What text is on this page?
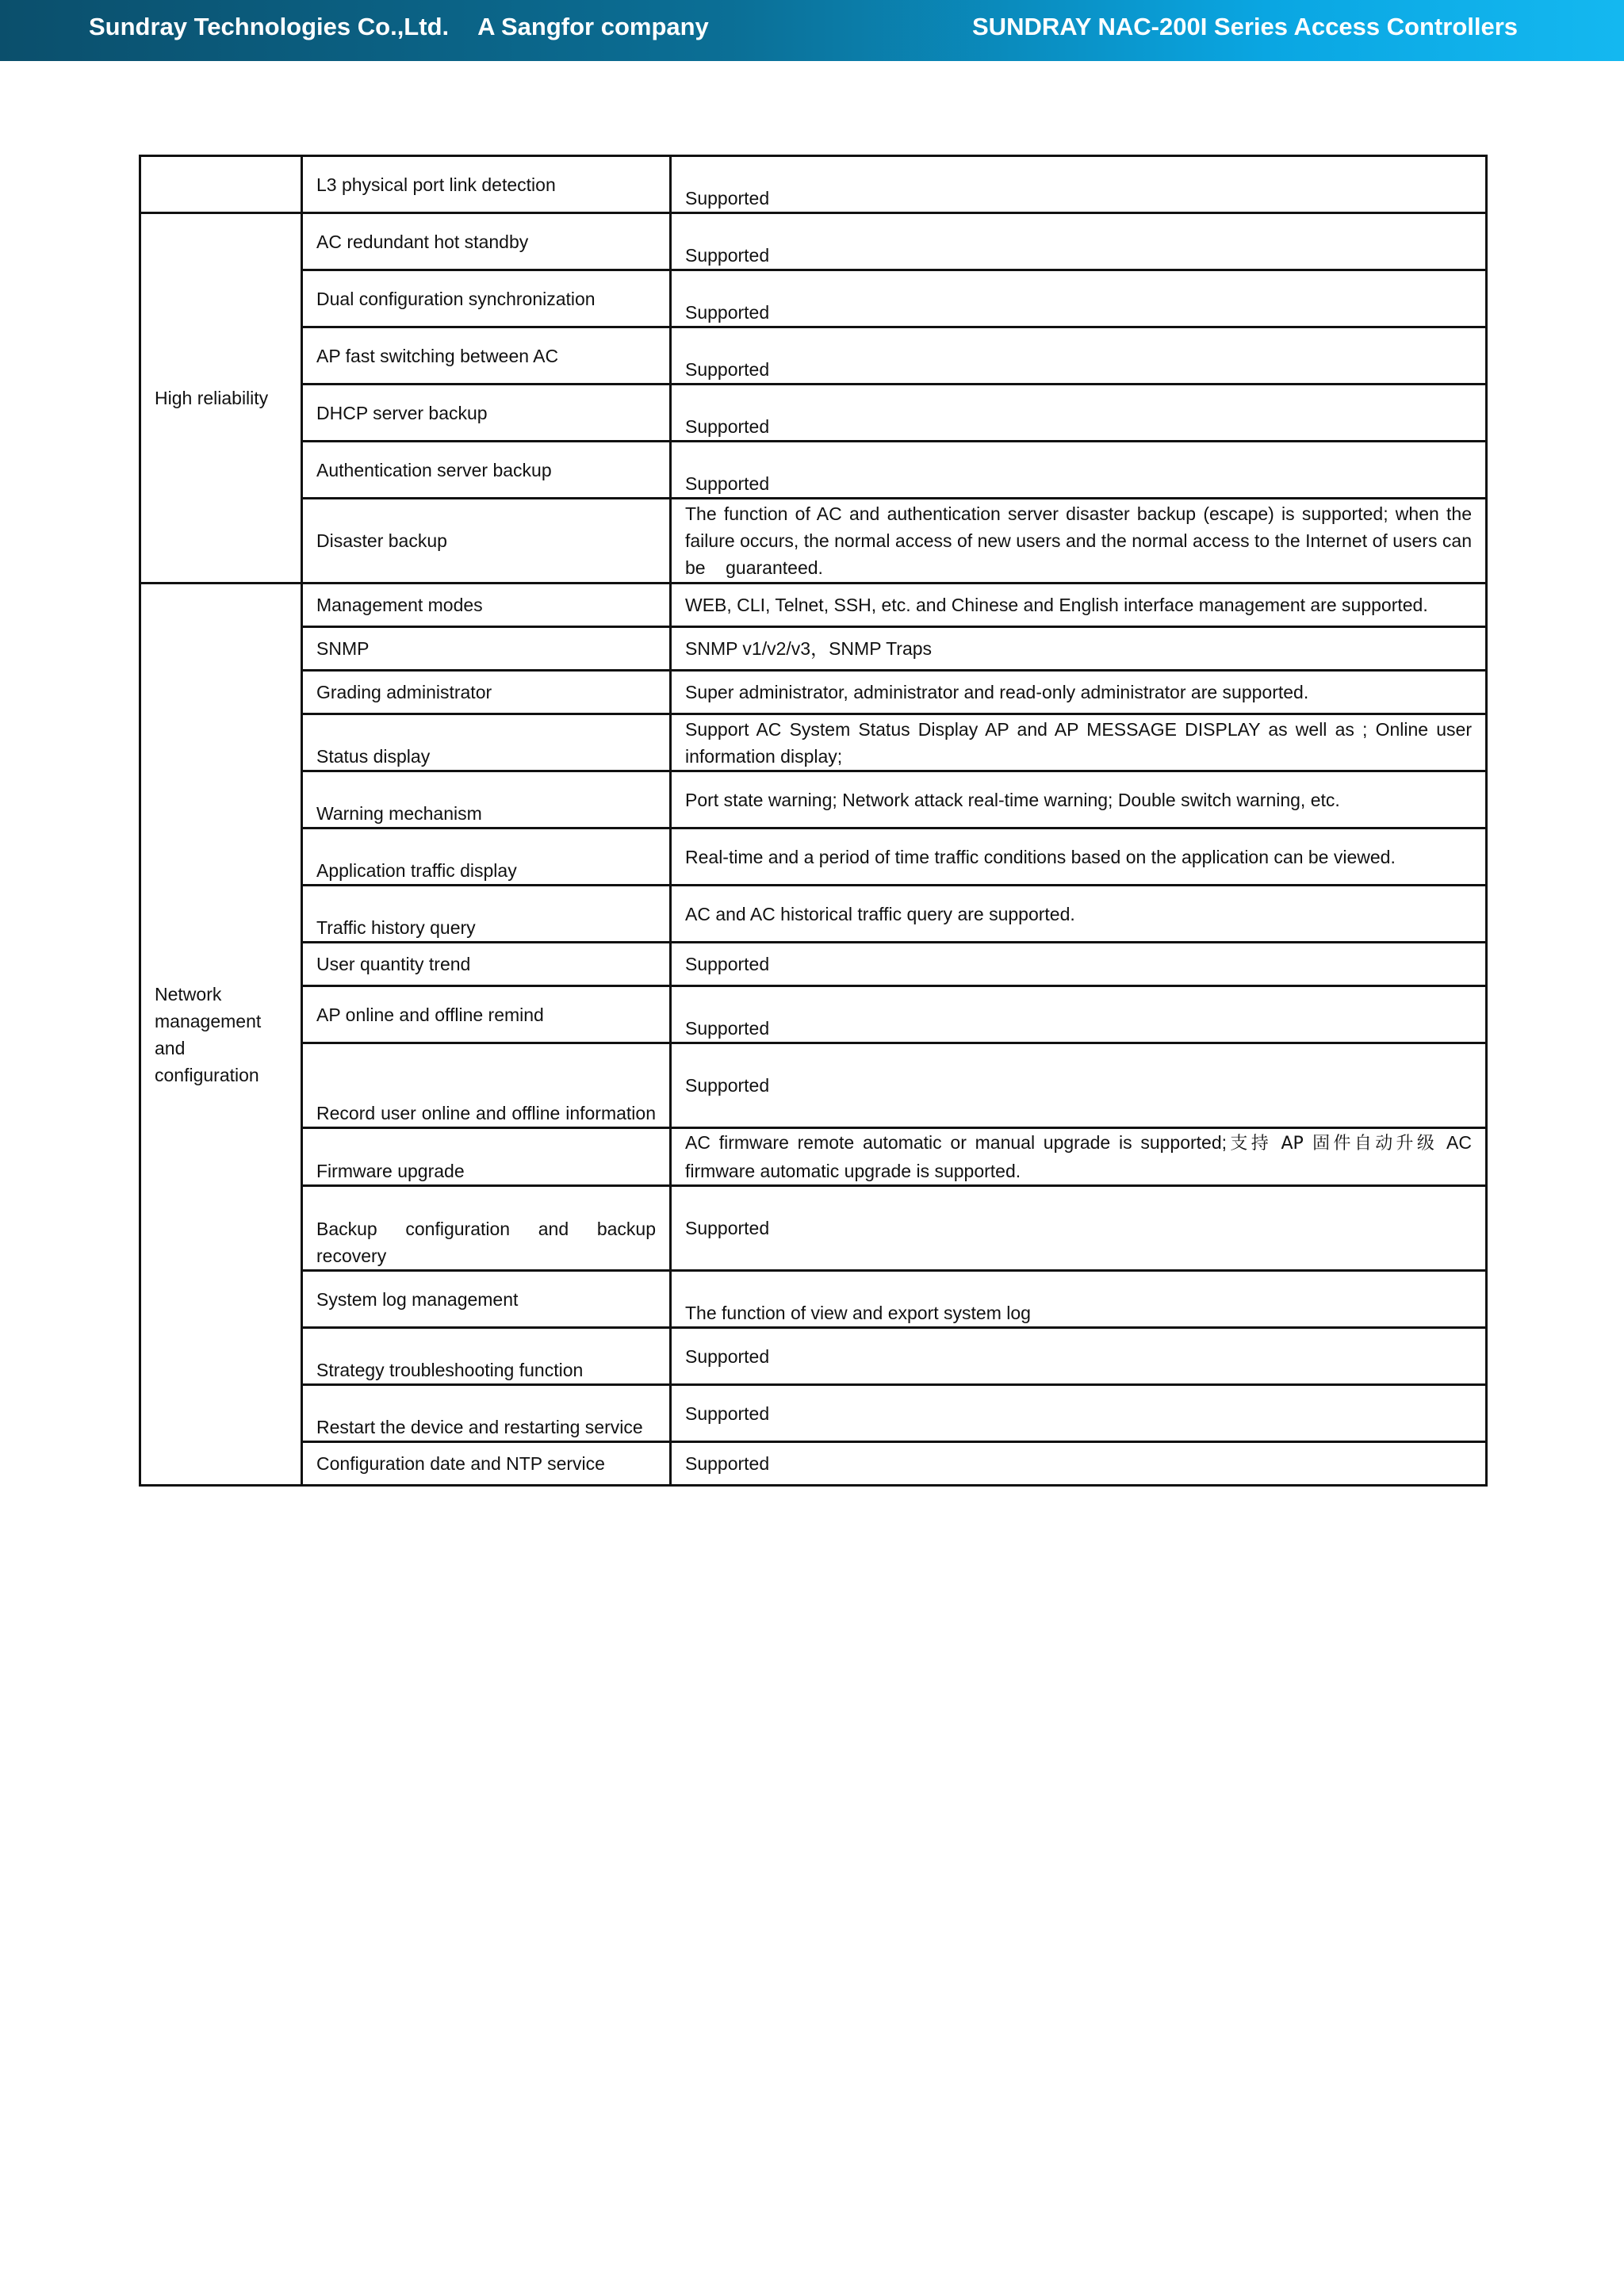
Sundray Technologies Co.,Ltd. A Sangfor company	SUNDRAY NAC-200I Series Access Controllers
	L3 physical port link detection	Supported
High reliability	AC redundant hot standby	Supported
	Dual configuration synchronization	Supported
	AP fast switching between AC	Supported
	DHCP server backup	Supported
	Authentication server backup	Supported
	Disaster backup	The function of AC and authentication server disaster backup (escape) is supported; when the failure occurs, the normal access of new users and the normal access to the Internet of users can be    guaranteed.
Network management and configuration	Management modes	WEB, CLI, Telnet, SSH, etc. and Chinese and English interface management are supported.
	SNMP	SNMP v1/v2/v3，SNMP Traps
	Grading administrator	Super administrator, administrator and read-only administrator are supported.
	Status display	Support AC System Status Display AP and AP MESSAGE DISPLAY as well as ; Online user information display;
	Warning mechanism	Port state warning; Network attack real-time warning; Double switch warning, etc.
	Application traffic display	Real-time and a period of time traffic conditions based on the application can be viewed.
	Traffic history query	AC and AC historical traffic query are supported.
	User quantity trend	Supported
	AP online and offline remind	Supported
	Record user online and offline information	Supported
	Firmware upgrade	AC firmware remote automatic or manual upgrade is supported;支持 AP 固件自动升级 AC firmware automatic upgrade is supported.
	Backup configuration and backup recovery	Supported
	System log management	The function of view and export system log
	Strategy troubleshooting function	Supported
	Restart the device and restarting service	Supported
	Configuration date and NTP service	Supported
